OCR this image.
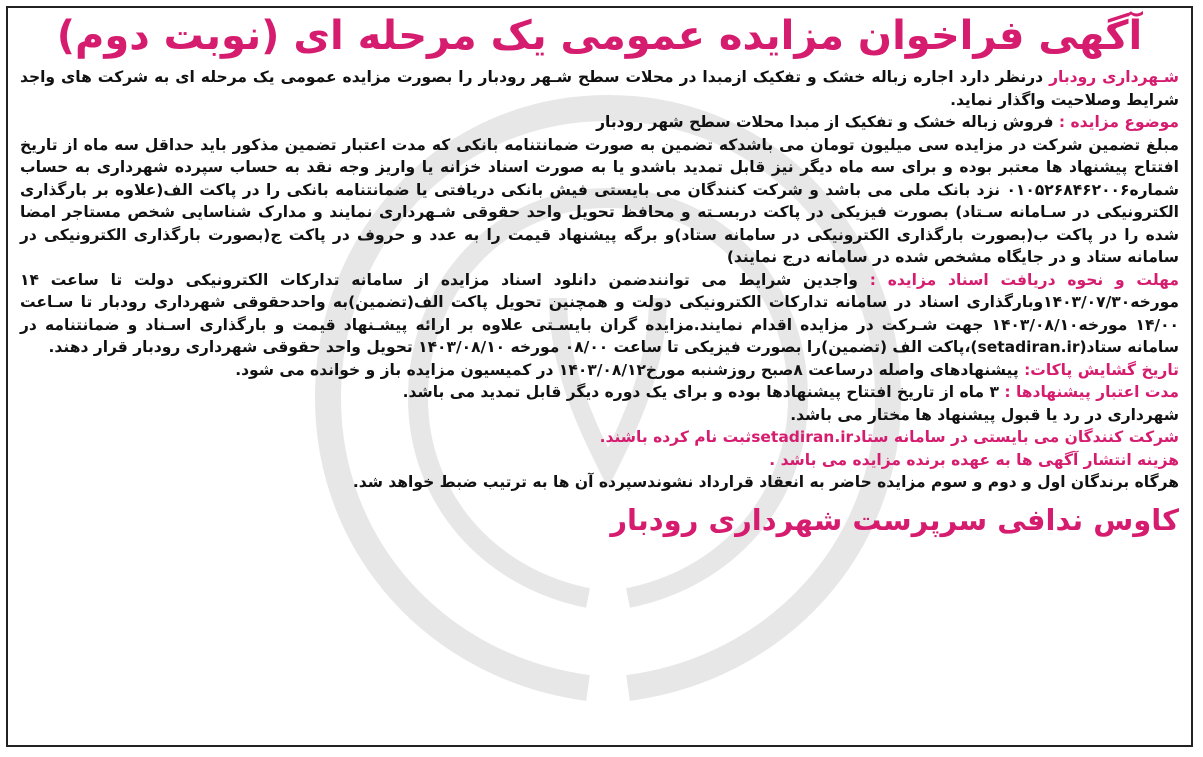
آگهی فراخوان مزایده عمومی یک مرحله ای (نوبت دوم)

شـهرداری رودبار درنظر دارد اجاره زباله خشک و تفکیک ازمبدا در محلات سطح شـهر رودبار را بصورت مزایده عمومی یک مرحله ای به شرکت های واجد شرایط وصلاحیت واگذار نماید.

موضوع مزایده : فروش زباله خشک و تفکیک از مبدا محلات سطح شهر رودبار

مبلغ تضمین شرکت در مزایده سی میلیون تومان می باشدکه تضمین به صورت ضمانتنامه بانکی که مدت اعتبار تضمین مذکور باید حداقل سه ماه از تاریخ افتتاح پیشنهاد ها معتبر بوده و برای سه ماه دیگر نیز قابل تمدید باشدو یا به صورت اسناد خزانه یا واریز وجه نقد به حساب سپرده شهرداری به حساب شماره۰۱۰۵۲۶۸۴۶۲۰۰۶ نزد بانک ملی می باشد و شرکت کنندگان می بایستی فیش بانکی دریافتی یا ضمانتنامه بانکی را در پاکت الف(علاوه بر بارگذاری الکترونیکی در سـامانه سـتاد) بصورت فیزیکی در پاکت دربسـته و محافظ تحویل واحد حقوقی شـهرداری نمایند و مدارک شناسایی شخص مستاجر امضا شده را در پاکت ب(بصورت بارگذاری الکترونیکی در سامانه ستاد)و برگه پیشنهاد قیمت را به عدد و حروف در پاکت ج(بصورت بارگذاری الکترونیکی در سامانه ستاد و در جایگاه مشخص شده در سامانه درج نمایند)

مهلت و نحوه دریافت اسناد مزایده : واجدین شرایط می توانندضمن دانلود اسناد مزایده از سامانه تدارکات الکترونیکی دولت تا ساعت ۱۴ مورخه۱۴۰۳/۰۷/۳۰وبارگذاری اسناد در سامانه تدارکات الکترونیکی دولت و همچنین تحویل پاکت الف(تضمین)به واحدحقوقی شهرداری رودبار تا سـاعت ۱۴/۰۰ مورخه۱۴۰۳/۰۸/۱۰ جهت شـرکت در مزایده اقدام نمایند.مزایده گران بایسـتی علاوه بر ارائه پیشـنهاد قیمت و بارگذاری اسـناد و ضمانتنامه در سامانه ستاد(setadiran.ir)،پاکت الف (تضمین)را بصورت فیزیکی تا ساعت ۰۸/۰۰ مورخه ۱۴۰۳/۰۸/۱۰ تحویل واحد حقوقی شهرداری رودبار قرار دهند.

تاریخ گشایش پاکات: پیشنهادهای واصله درساعت ۸صبح روزشنبه مورخ۱۴۰۳/۰۸/۱۲ در کمیسیون مزایده باز و خوانده می شود.

مدت اعتبار پیشنهادها : ۳ ماه از تاریخ افتتاح پیشنهادها بوده و برای یک دوره دیگر قابل تمدید می باشد.

شهرداری در رد یا قبول پیشنهاد ها مختار می باشد.

شرکت کنندگان می بایستی در سامانه ستادsetadiran.irثبت نام کرده باشند.

هزینه انتشار آگهی ها به عهده برنده مزایده می باشد .

هرگاه برندگان اول و دوم و سوم مزایده حاضر به انعقاد قرارداد نشوندسپرده آن ها به ترتیب ضبط خواهد شد.

کاوس ندافی سرپرست شهرداری رودبار
